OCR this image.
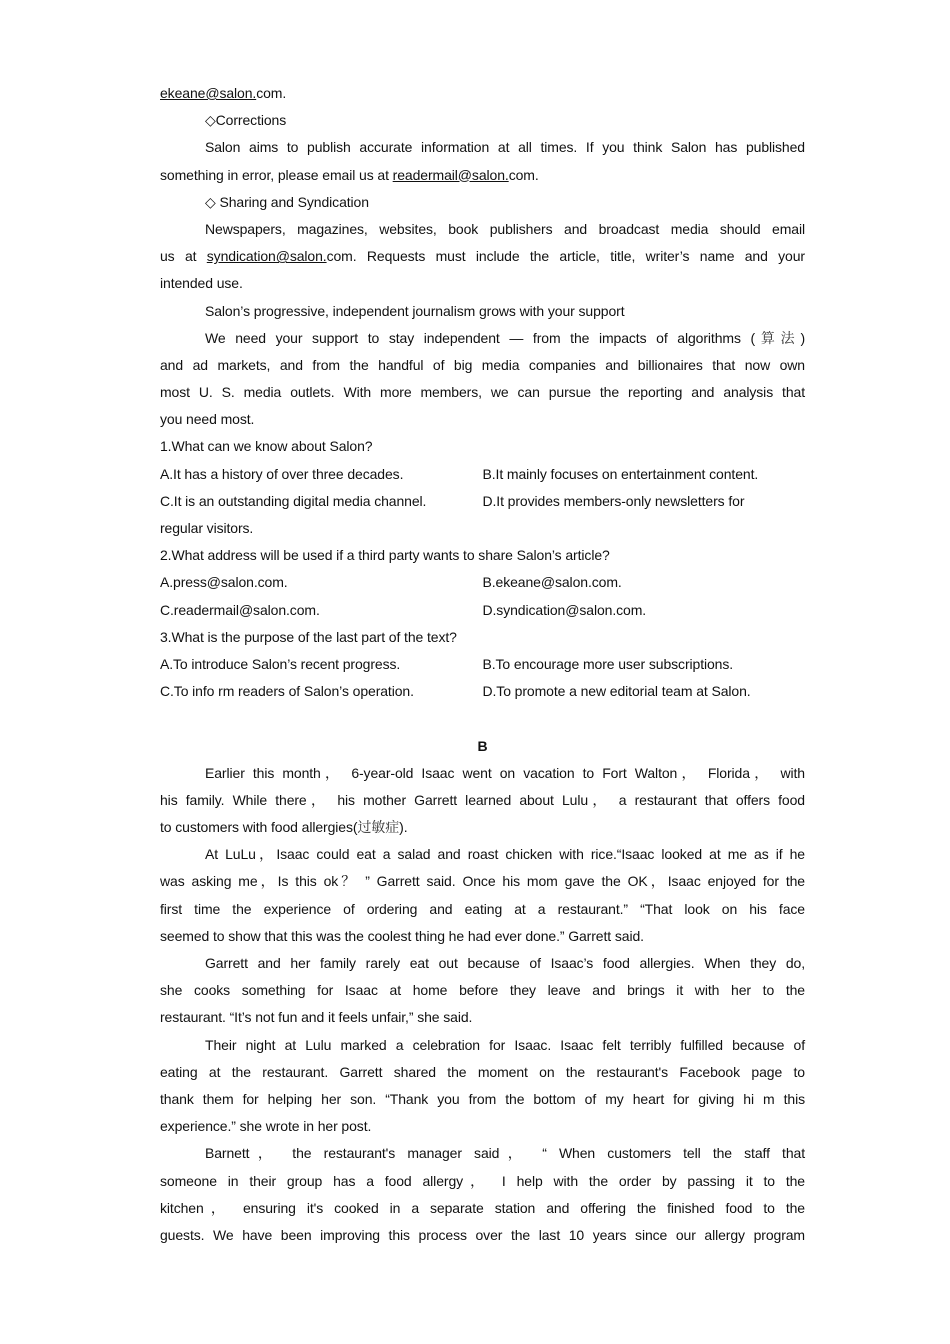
ekeane@salon.com.
◇Corrections
Salon aims to publish accurate information at all times. If you think Salon has published
something in error, please email us at readermail@salon.com.
◇ Sharing and Syndication
Newspapers, magazines, websites, book publishers and broadcast media should email
us at syndication@salon.com. Requests must include the article, title, writer’s name and your
intended use.
Salon’s progressive, independent journalism grows with your support
We need your support to stay independent — from the impacts of algorithms (算法)
and ad markets, and from the handful of big media companies and billionaires that now own
most U. S. media outlets. With more members, we can pursue the reporting and analysis that
you need most.
1.What can we know about Salon?
A.It has a history of over three decades.	B.It mainly focuses on entertainment content.
C.It is an outstanding digital media channel.	D.It provides members-only newsletters for
regular visitors.
2.What address will be used if a third party wants to share Salon’s article?
A.press@salon.com.	B.ekeane@salon.com.
C.readermail@salon.com.	D.syndication@salon.com.
3.What is the purpose of the last part of the text?
A.To introduce Salon’s recent progress.	B.To encourage more user subscriptions.
C.To info rm readers of Salon’s operation.	D.To promote a new editorial team at Salon.
B
Earlier this month， 6-year-old Isaac went on vacation to Fort Walton， Florida， with
his family. While there， his mother Garrett learned about Lulu， a restaurant that offers food
to customers with food allergies(过敏症).
At LuLu，Isaac could eat a salad and roast chicken with rice.“Isaac looked at me as if he
was asking me，Is this ok？ ” Garrett said. Once his mom gave the OK，Isaac enjoyed for the
first time the experience of ordering and eating at a restaurant.” “That look on his face
seemed to show that this was the coolest thing he had ever done.” Garrett said.
Garrett and her family rarely eat out because of Isaac’s food allergies. When they do,
she cooks something for Isaac at home before they leave and brings it with her to the
restaurant. “It’s not fun and it feels unfair,” she said.
Their night at Lulu marked a celebration for Isaac. Isaac felt terribly fulfilled because of
eating at the restaurant. Garrett shared the moment on the restaurant's Facebook page to
thank them for helping her son. “Thank you from the bottom of my heart for giving hi m this
experience.” she wrote in her post.
Barnett， the restaurant's manager said， “ When customers tell the staff that
someone in their group has a food allergy， I help with the order by passing it to the
kitchen， ensuring it's cooked in a separate station and offering the finished food to the
guests. We have been improving this process over the last 10 years since our allergy program
